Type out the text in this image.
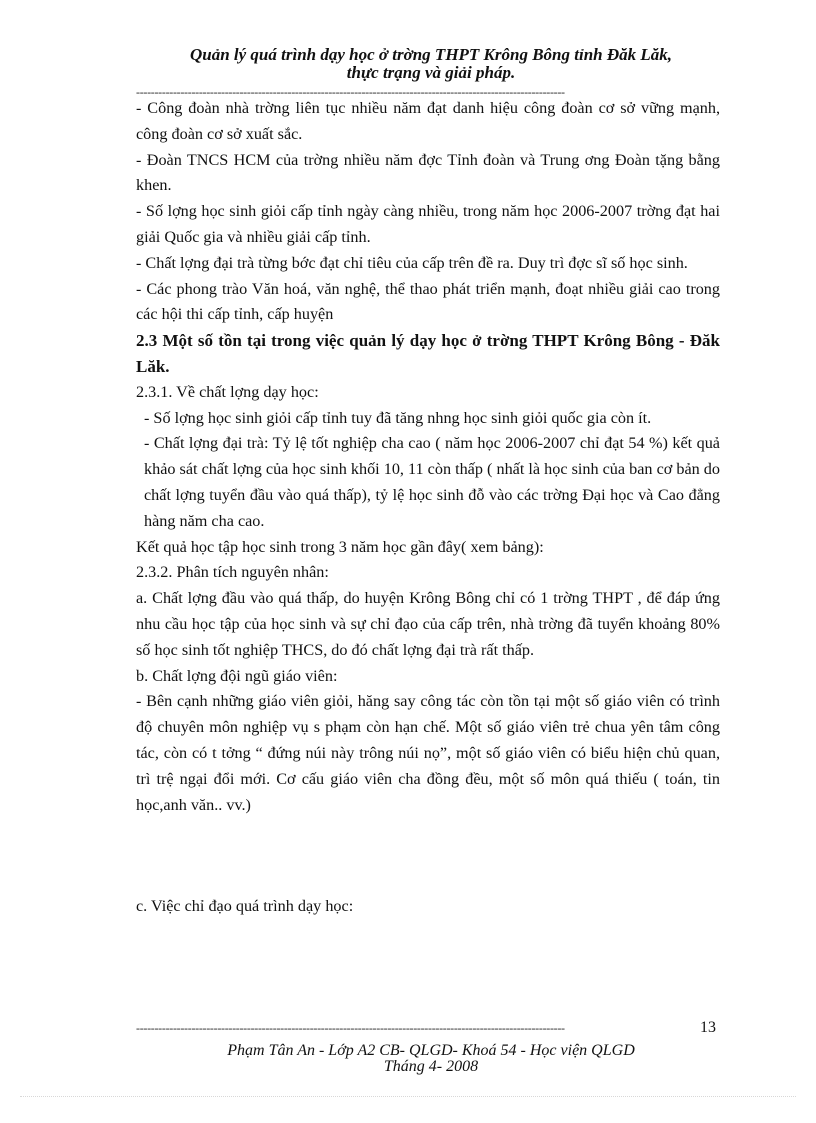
Quản lý quá trình dạy học ở trờng THPT Krông Bông tỉnh Đăk Lăk,
thực trạng và giải pháp.
--------------------------------------------------------------------------------------------------------------------

- Công đoàn nhà trờng liên tục nhiều năm đạt danh hiệu công đoàn cơ sở vững mạnh, công đoàn cơ sở xuất sắc.

- Đoàn TNCS HCM của trờng nhiều năm đợc Tỉnh đoàn và Trung ơng Đoàn tặng bằng khen.

- Số lợng học sinh giỏi cấp tỉnh ngày càng nhiều, trong năm học 2006-2007 trờng đạt hai giải Quốc gia và nhiều giải cấp tỉnh.

- Chất lợng đại trà từng bớc đạt chỉ tiêu của cấp trên đề ra. Duy trì đợc sĩ số học sinh.

- Các phong trào Văn hoá, văn nghệ, thể thao phát triển mạnh, đoạt nhiều giải cao trong các hội thi cấp tỉnh, cấp huyện

2.3 Một số tồn tại trong việc quản lý dạy học ở trờng THPT Krông Bông - Đăk Lăk.

2.3.1. Về chất lợng dạy học:

- Số lợng học sinh giỏi cấp tỉnh tuy đã tăng nhng học sinh giỏi quốc gia còn ít.

- Chất lợng đại trà: Tỷ lệ tốt nghiệp cha cao ( năm học 2006-2007 chỉ đạt 54 %) kết quả khảo sát chất lợng của học sinh khối 10, 11 còn thấp ( nhất là học sinh của ban cơ bản do chất lợng tuyển đầu vào quá thấp), tỷ lệ học sinh đỗ vào các trờng Đại học và Cao đẳng hàng năm cha cao.

Kết quả học tập học sinh trong 3 năm học gần đây( xem bảng):

2.3.2. Phân tích nguyên nhân:

a. Chất lợng đầu vào quá thấp, do huyện Krông Bông chỉ có 1 trờng THPT , để đáp ứng nhu cầu học tập của học sinh và sự chỉ đạo của cấp trên, nhà trờng đã tuyển khoảng 80% số học sinh tốt nghiệp THCS, do đó chất lợng đại trà rất thấp.

b. Chất lợng đội ngũ giáo viên:

- Bên cạnh những giáo viên giỏi, hăng say công tác còn tồn tại một số giáo viên có trình độ chuyên môn nghiệp vụ s phạm còn hạn chế. Một số giáo viên trẻ chua yên tâm công tác, còn có t tởng “ đứng núi này trông núi nọ”, một số giáo viên có biểu hiện chủ quan, trì trệ ngại đổi mới. Cơ cấu giáo viên cha đồng đều, một số môn quá thiếu ( toán, tin học,anh văn.. vv.)

c. Việc chỉ đạo quá trình dạy học:

--------------------------------------------------------------------------------------------------------------------	13
Phạm Tân An - Lớp A2 CB- QLGD- Khoá 54 - Học viện QLGD
Tháng 4- 2008
